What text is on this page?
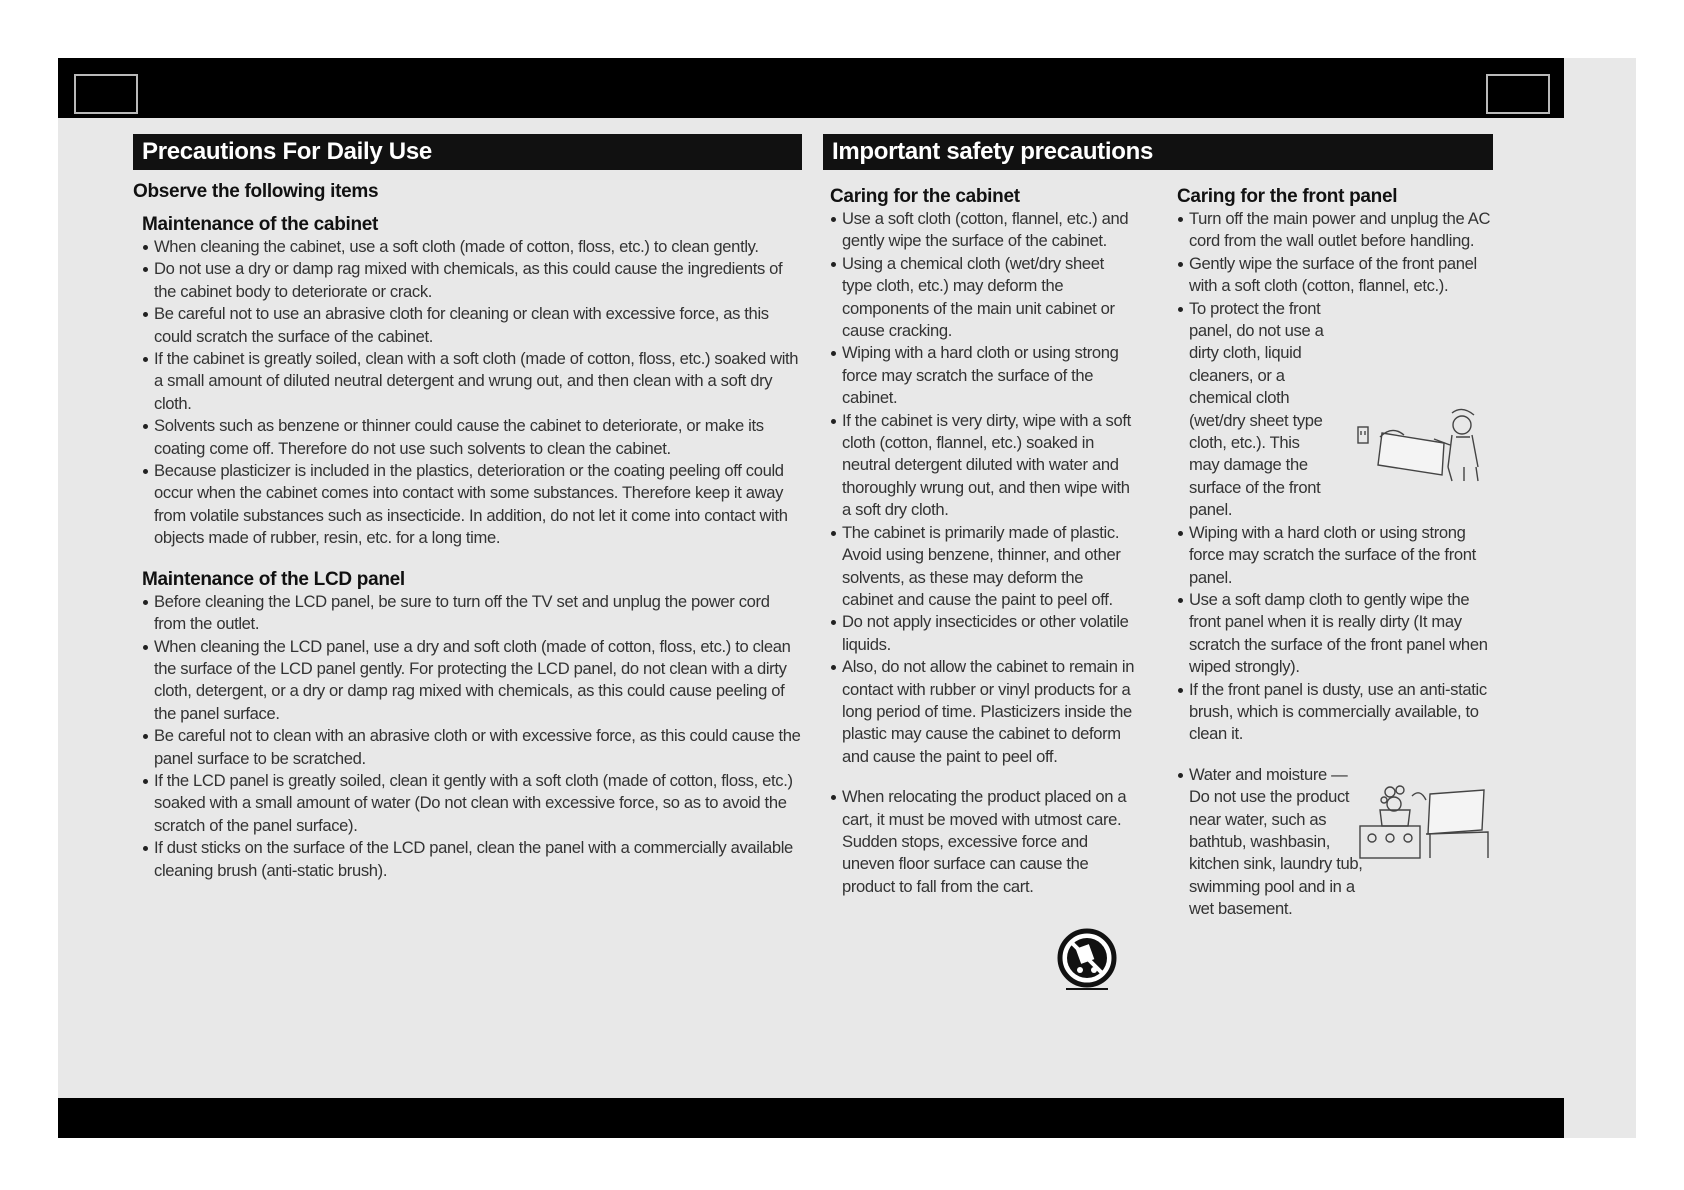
Precautions For Daily Use
Observe the following items
Maintenance of the cabinet
When cleaning the cabinet, use a soft cloth (made of cotton, floss, etc.) to clean gently.
Do not use a dry or damp rag mixed with chemicals, as this could cause the ingredients of the cabinet body to deteriorate or crack.
Be careful not to use an abrasive cloth for cleaning or clean with excessive force, as this could scratch the surface of the cabinet.
If the cabinet is greatly soiled, clean with a soft cloth (made of cotton, floss, etc.) soaked with a small amount of diluted neutral detergent and wrung out, and then clean with a soft dry cloth.
Solvents such as benzene or thinner could cause the cabinet to deteriorate, or make its coating come off. Therefore do not use such solvents to clean the cabinet.
Because plasticizer is included in the plastics, deterioration or the coating peeling off could occur when the cabinet comes into contact with some substances. Therefore keep it away from volatile substances such as insecticide. In addition, do not let it come into contact with objects made of rubber, resin, etc. for a long time.
Maintenance of the LCD panel
Before cleaning the LCD panel, be sure to turn off the TV set and unplug the power cord from the outlet.
When cleaning the LCD panel, use a dry and soft cloth (made of cotton, floss, etc.) to clean the surface of the LCD panel gently. For protecting the LCD panel, do not clean with a dirty cloth, detergent, or a dry or damp rag mixed with chemicals, as this could cause peeling of the panel surface.
Be careful not to clean with an abrasive cloth or with excessive force, as this could cause the panel surface to be scratched.
If the LCD panel is greatly soiled, clean it gently with a soft cloth (made of cotton, floss, etc.) soaked with a small amount of water (Do not clean with excessive force, so as to avoid the scratch of the panel surface).
If dust sticks on the surface of the LCD panel, clean the panel with a commercially available cleaning brush (anti-static brush).
Important safety precautions
Caring for the cabinet
Use a soft cloth (cotton, flannel, etc.) and gently wipe the surface of the cabinet.
Using a chemical cloth (wet/dry sheet type cloth, etc.) may deform the components of the main unit cabinet or cause cracking.
Wiping with a hard cloth or using strong force may scratch the surface of the cabinet.
If the cabinet is very dirty, wipe with a soft cloth (cotton, flannel, etc.) soaked in neutral detergent diluted with water and thoroughly wrung out, and then wipe with a soft dry cloth.
The cabinet is primarily made of plastic. Avoid using benzene, thinner, and other solvents, as these may deform the cabinet and cause the paint to peel off.
Do not apply insecticides or other volatile liquids.
Also, do not allow the cabinet to remain in contact with rubber or vinyl products for a long period of time. Plasticizers inside the plastic may cause the cabinet to deform and cause the paint to peel off.
When relocating the product placed on a cart, it must be moved with utmost care. Sudden stops, excessive force and uneven floor surface can cause the product to fall from the cart.
Caring for the front panel
Turn off the main power and unplug the AC cord from the wall outlet before handling.
Gently wipe the surface of the front panel with a soft cloth (cotton, flannel, etc.).
To protect the front panel, do not use a dirty cloth, liquid cleaners, or a chemical cloth (wet/dry sheet type cloth, etc.). This may damage the surface of the front panel.
Wiping with a hard cloth or using strong force may scratch the surface of the front panel.
Use a soft damp cloth to gently wipe the front panel when it is really dirty (It may scratch the surface of the front panel when wiped strongly).
If the front panel is dusty, use an anti-static brush, which is commercially available, to clean it.
Water and moisture — Do not use the product near water, such as bathtub, washbasin, kitchen sink, laundry tub, swimming pool and in a wet basement.
